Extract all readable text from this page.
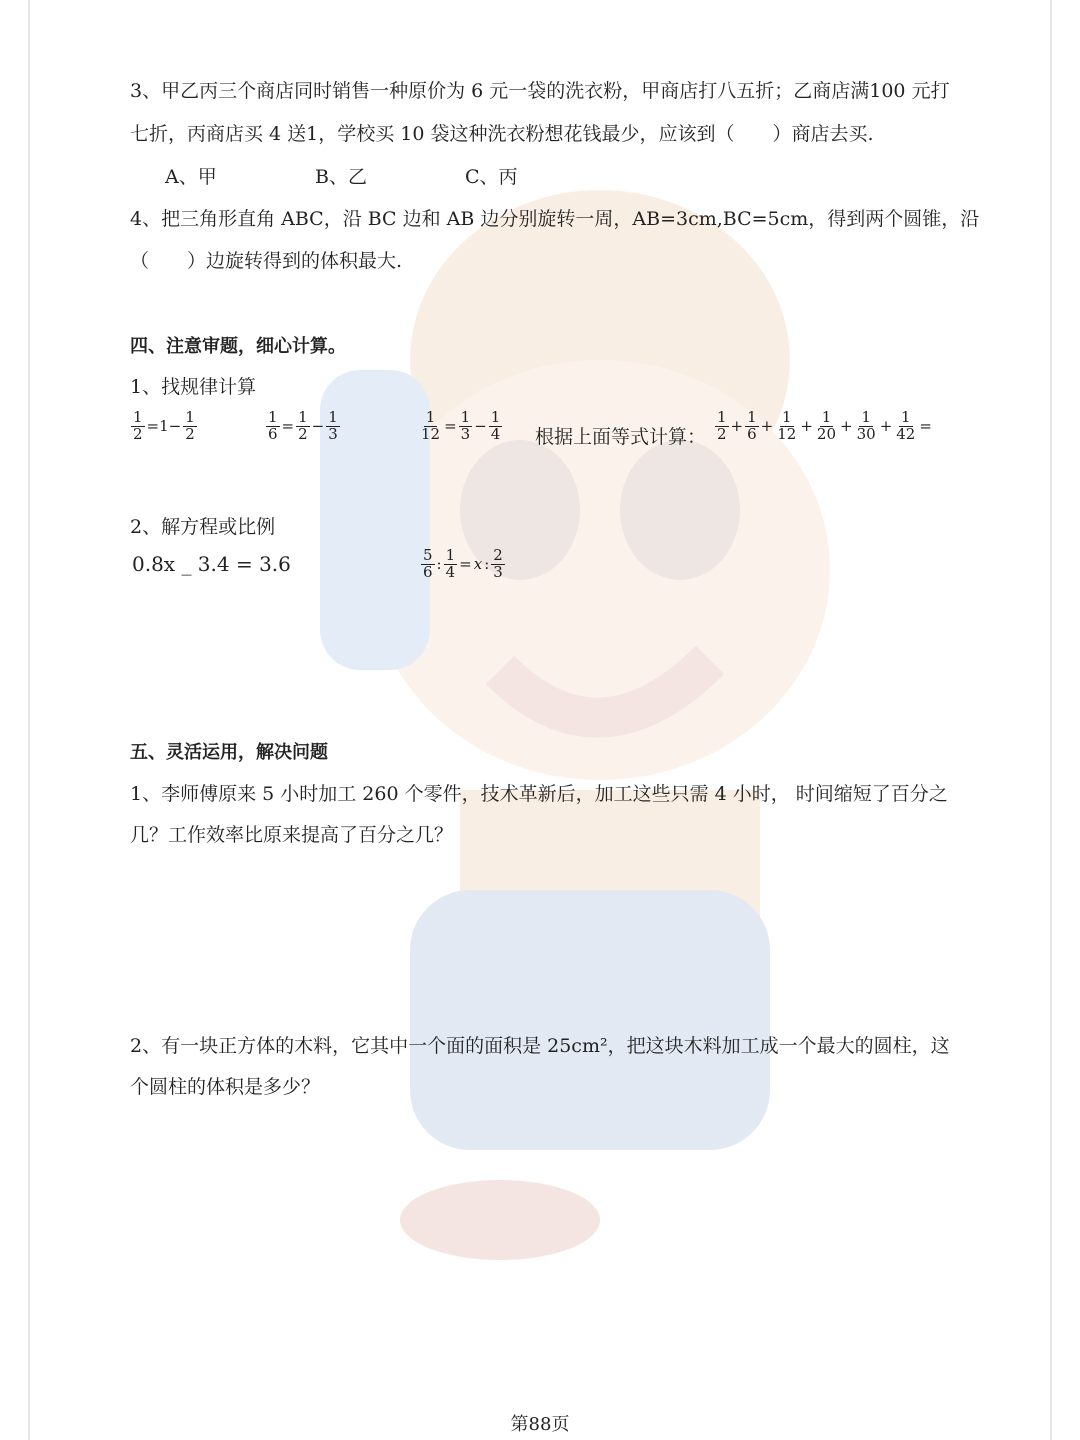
3、甲乙丙三个商店同时销售一种原价为 6 元一袋的洗衣粉，甲商店打八五折；乙商店满100 元打
七折，丙商店买 4 送1，学校买 10 袋这种洗衣粉想花钱最少，应该到（　　）商店去买.
A、甲	B、乙	C、丙
4、把三角形直角 ABC，沿 BC 边和 AB 边分别旋转一周，AB=3cm,BC=5cm，得到两个圆锥，沿
（　　）边旋转得到的体积最大.
四、注意审题，细心计算。
1、找规律计算
$\frac{1}{2} =1- \frac{1}{2}$	$\frac{1}{6} = \frac{1}{2} - \frac{1}{3}$	$\frac{1}{12} = \frac{1}{3} - \frac{1}{4}$ 根据上面等式计算： $\frac{1}{2} + \frac{1}{6} + \frac{1}{12} + \frac{1}{20} + \frac{1}{30} + \frac{1}{42}$ =
2、解方程或比例
0.8x _ 3.4 = 3.6	$\frac{5}{6}$ : $\frac{1}{4} = x$ : $\frac{2}{3}$
五、灵活运用，解决问题
1、李师傅原来 5 小时加工 260 个零件，技术革新后，加工这些只需 4 小时， 时间缩短了百分之
几？工作效率比原来提高了百分之几？
2、有一块正方体的木料，它其中一个面的面积是 25cm²，把这块木料加工成一个最大的圆柱，这
个圆柱的体积是多少？
第88页
